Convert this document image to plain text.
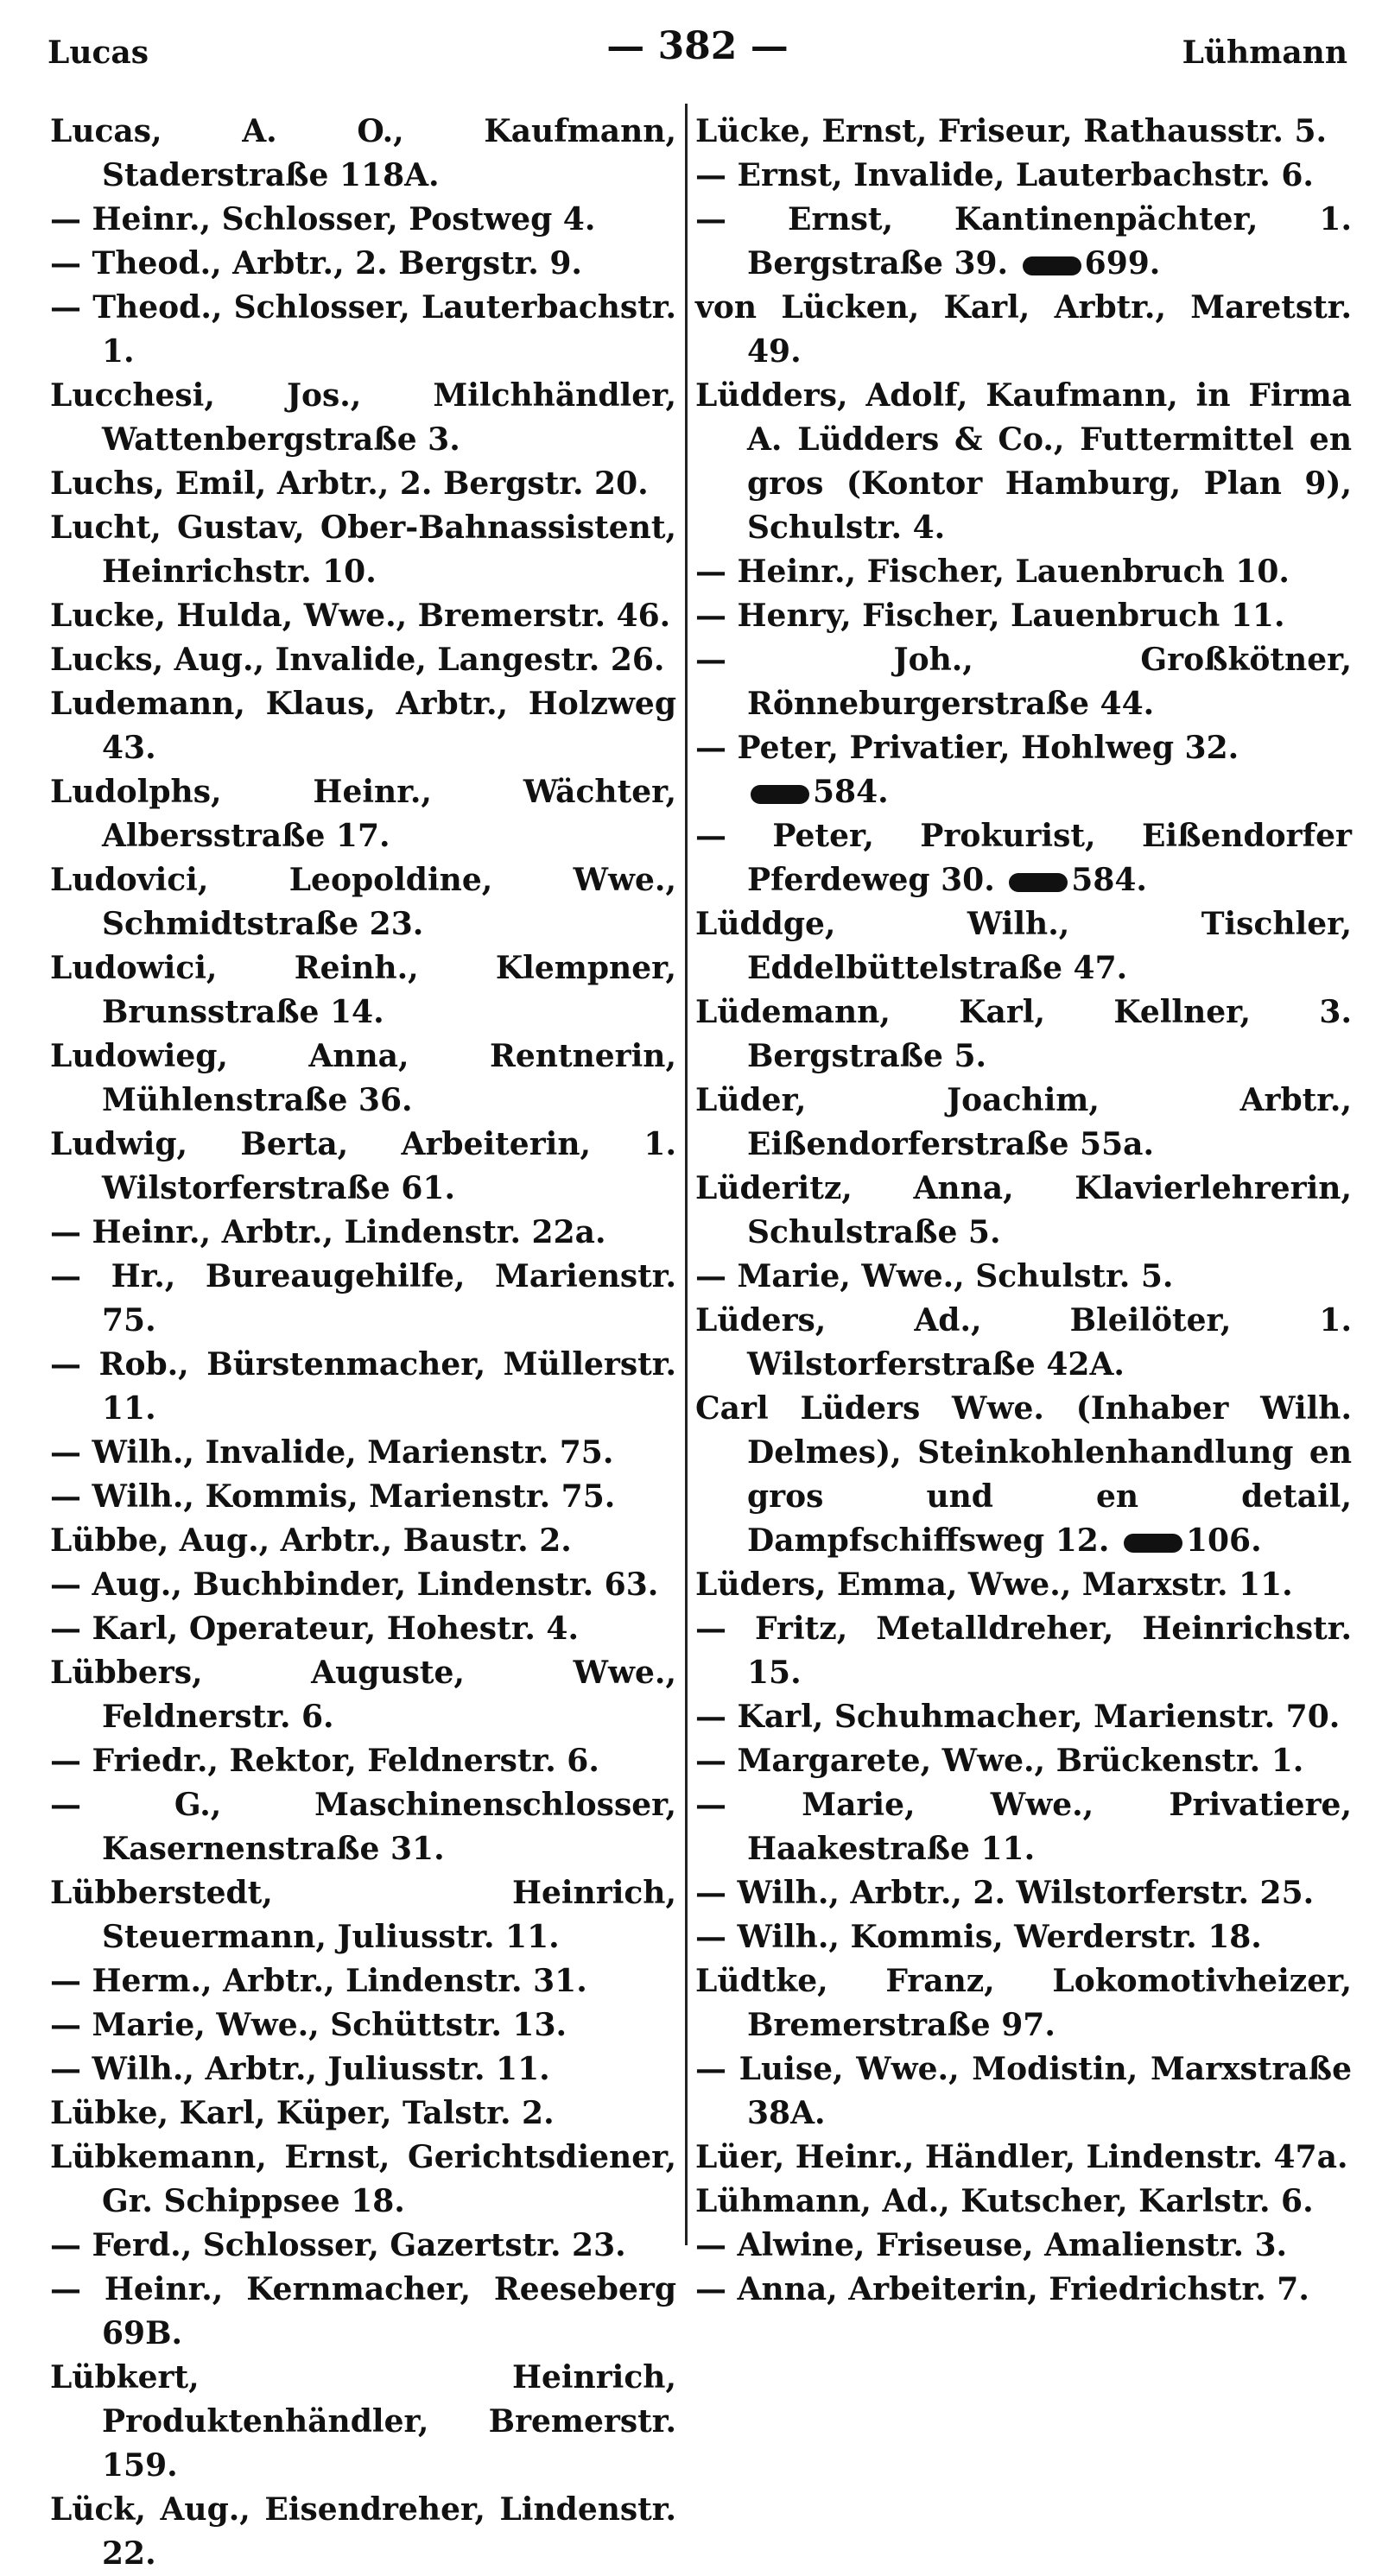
Lucas	— 382 —	Lühmann

Lucas, A. O., Kaufmann, Staderstraße 118A.

— Heinr., Schlosser, Postweg 4.

— Theod., Arbtr., 2. Bergstr. 9.

— Theod., Schlosser, Lauterbachstr. 1.

Lucchesi, Jos., Milchhändler, Wattenbergstraße 3.

Luchs, Emil, Arbtr., 2. Bergstr. 20.

Lucht, Gustav, Ober-Bahnassistent, Heinrichstr. 10.

Lucke, Hulda, Wwe., Bremerstr. 46.

Lucks, Aug., Invalide, Langestr. 26.

Ludemann, Klaus, Arbtr., Holzweg 43.

Ludolphs, Heinr., Wächter, Albersstraße 17.

Ludovici, Leopoldine, Wwe., Schmidtstraße 23.

Ludowici, Reinh., Klempner, Brunsstraße 14.

Ludowieg, Anna, Rentnerin, Mühlenstraße 36.

Ludwig, Berta, Arbeiterin, 1. Wilstorferstraße 61.

— Heinr., Arbtr., Lindenstr. 22a.

— Hr., Bureaugehilfe, Marienstr. 75.

— Rob., Bürstenmacher, Müllerstr. 11.

— Wilh., Invalide, Marienstr. 75.

— Wilh., Kommis, Marienstr. 75.

Lübbe, Aug., Arbtr., Baustr. 2.

— Aug., Buchbinder, Lindenstr. 63.

— Karl, Operateur, Hohestr. 4.

Lübbers, Auguste, Wwe., Feldnerstr. 6.

— Friedr., Rektor, Feldnerstr. 6.

— G., Maschinenschlosser, Kasernenstraße 31.

Lübberstedt, Heinrich, Steuermann, Juliusstr. 11.

— Herm., Arbtr., Lindenstr. 31.

— Marie, Wwe., Schüttstr. 13.

— Wilh., Arbtr., Juliusstr. 11.

Lübke, Karl, Küper, Talstr. 2.

Lübkemann, Ernst, Gerichtsdiener, Gr. Schippsee 18.

— Ferd., Schlosser, Gazertstr. 23.

— Heinr., Kernmacher, Reeseberg 69B.

Lübkert, Heinrich, Produktenhändler, Bremerstr. 159.

Lück, Aug., Eisendreher, Lindenstr. 22.

Lücke, Ernst, Friseur, Rathausstr. 5.

— Ernst, Invalide, Lauterbachstr. 6.

— Ernst, Kantinenpächter, 1. Bergstraße 39. 699.

von Lücken, Karl, Arbtr., Maretstr. 49.

Lüdders, Adolf, Kaufmann, in Firma A. Lüdders & Co., Futtermittel en gros (Kontor Hamburg, Plan 9), Schulstr. 4.

— Heinr., Fischer, Lauenbruch 10.

— Henry, Fischer, Lauenbruch 11.

— Joh., Großkötner, Rönneburgerstraße 44.

— Peter, Privatier, Hohlweg 32.
584.

— Peter, Prokurist, Eißendorfer Pferdeweg 30. 584.

Lüddge, Wilh., Tischler, Eddelbüttelstraße 47.

Lüdemann, Karl, Kellner, 3. Bergstraße 5.

Lüder, Joachim, Arbtr., Eißendorferstraße 55a.

Lüderitz, Anna, Klavierlehrerin, Schulstraße 5.

— Marie, Wwe., Schulstr. 5.

Lüders, Ad., Bleilöter, 1. Wilstorferstraße 42A.

Carl Lüders Wwe. (Inhaber Wilh. Delmes), Steinkohlenhandlung en gros und en detail, Dampfschiffsweg 12. 106.

Lüders, Emma, Wwe., Marxstr. 11.

— Fritz, Metalldreher, Heinrichstr. 15.

— Karl, Schuhmacher, Marienstr. 70.

— Margarete, Wwe., Brückenstr. 1.

— Marie, Wwe., Privatiere, Haakestraße 11.

— Wilh., Arbtr., 2. Wilstorferstr. 25.

— Wilh., Kommis, Werderstr. 18.

Lüdtke, Franz, Lokomotivheizer, Bremerstraße 97.

— Luise, Wwe., Modistin, Marxstraße 38A.

Lüer, Heinr., Händler, Lindenstr. 47a.

Lühmann, Ad., Kutscher, Karlstr. 6.

— Alwine, Friseuse, Amalienstr. 3.

— Anna, Arbeiterin, Friedrichstr. 7.
